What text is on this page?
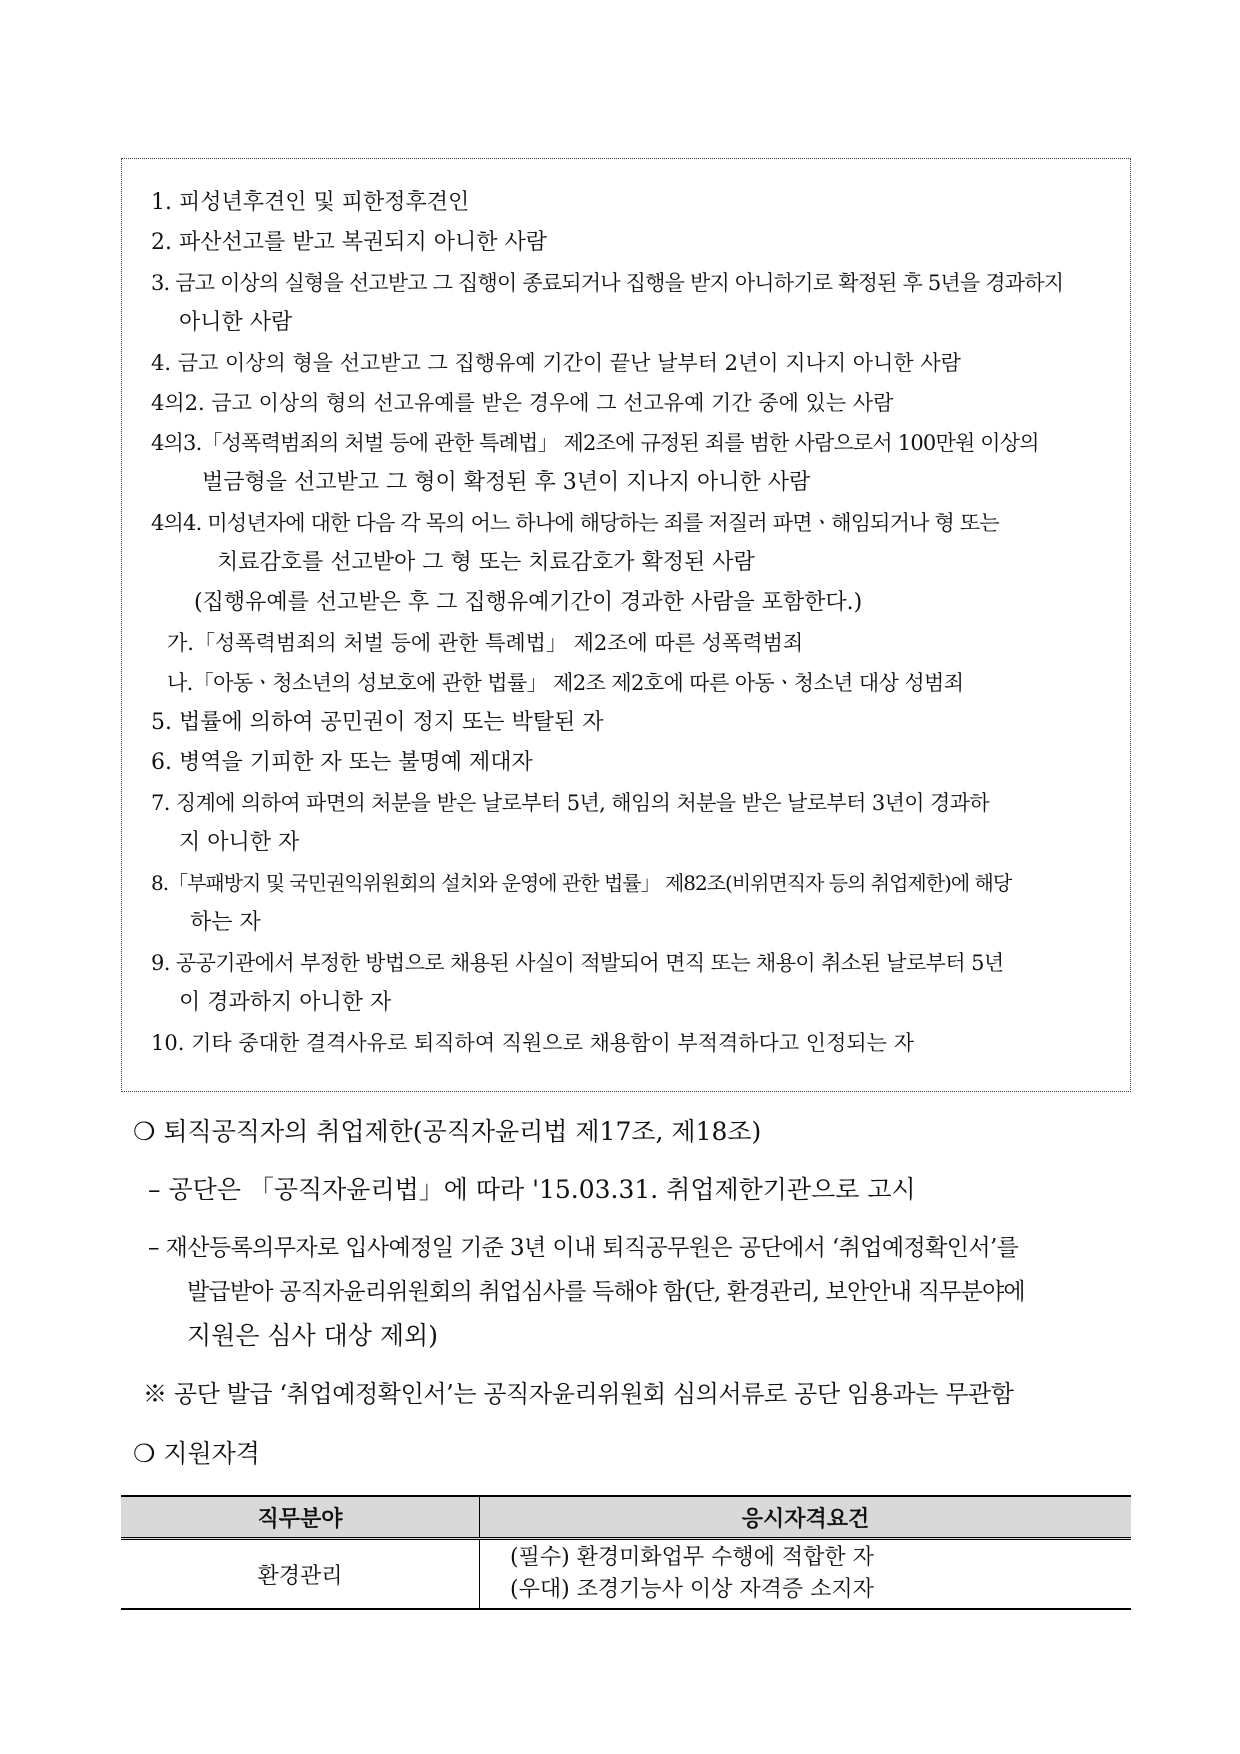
1. 피성년후견인 및 피한정후견인
2. 파산선고를 받고 복권되지 아니한 사람
3. 금고 이상의 실형을 선고받고 그 집행이 종료되거나 집행을 받지 아니하기로 확정된 후 5년을 경과하지
아니한 사람
4. 금고 이상의 형을 선고받고 그 집행유예 기간이 끝난 날부터 2년이 지나지 아니한 사람
4의2. 금고 이상의 형의 선고유예를 받은 경우에 그 선고유예 기간 중에 있는 사람
4의3.「성폭력범죄의 처벌 등에 관한 특례법」 제2조에 규정된 죄를 범한 사람으로서 100만원 이상의
벌금형을 선고받고 그 형이 확정된 후 3년이 지나지 아니한 사람
4의4. 미성년자에 대한 다음 각 목의 어느 하나에 해당하는 죄를 저질러 파면ㆍ해임되거나 형 또는
치료감호를 선고받아 그 형 또는 치료감호가 확정된 사람
(집행유예를 선고받은 후 그 집행유예기간이 경과한 사람을 포함한다.)
가.「성폭력범죄의 처벌 등에 관한 특례법」 제2조에 따른 성폭력범죄
나.「아동ㆍ청소년의 성보호에 관한 법률」 제2조 제2호에 따른 아동ㆍ청소년 대상 성범죄
5. 법률에 의하여 공민권이 정지 또는 박탈된 자
6. 병역을 기피한 자 또는 불명예 제대자
7. 징계에 의하여 파면의 처분을 받은 날로부터 5년, 해임의 처분을 받은 날로부터 3년이 경과하
지 아니한 자
8.「부패방지 및 국민권익위원회의 설치와 운영에 관한 법률」 제82조(비위면직자 등의 취업제한)에 해당
하는 자
9. 공공기관에서 부정한 방법으로 채용된 사실이 적발되어 면직 또는 채용이 취소된 날로부터 5년
이 경과하지 아니한 자
10. 기타 중대한 결격사유로 퇴직하여 직원으로 채용함이 부적격하다고 인정되는 자
❍ 퇴직공직자의 취업제한(공직자윤리법 제17조, 제18조)
– 공단은 「공직자윤리법」에 따라 '15.03.31. 취업제한기관으로 고시
– 재산등록의무자로 입사예정일 기준 3년 이내 퇴직공무원은 공단에서 ‘취업예정확인서’를
발급받아 공직자윤리위원회의 취업심사를 득해야 함(단, 환경관리, 보안안내 직무분야에
지원은 심사 대상 제외)
※ 공단 발급 ‘취업예정확인서’는 공직자윤리위원회 심의서류로 공단 임용과는 무관함
❍ 지원자격
직무분야	응시자격요건
환경관리	(필수) 환경미화업무 수행에 적합한 자
(우대) 조경기능사 이상 자격증 소지자
